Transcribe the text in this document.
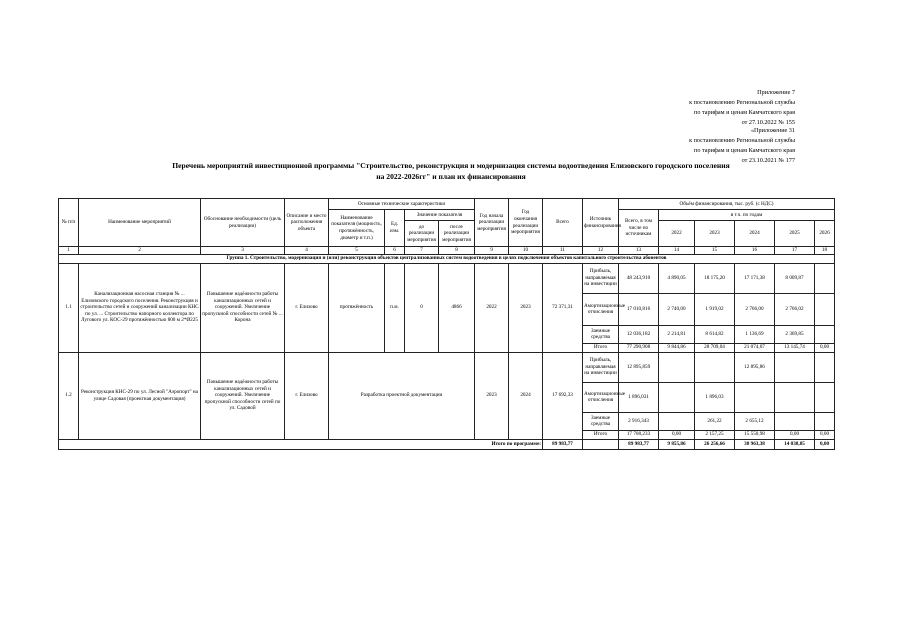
Приложение 7
к постановлению Региональной службы
по тарифам и ценам Камчатского края
от 27.10.2022 № 155
«Приложение 31
к постановлению Региональной службы
по тарифам и ценам Камчатского края
от 23.10.2021 № 177
Перечень мероприятий инвестиционной программы "Строительство, реконструкция и модернизация системы водоотведения Елизовского городского поселения
на 2022-2026гг" и план их финансирования
№ п/п	Наименование мероприятий	Обоснование необходимости (цель реализации)	Описание и место расположения объекта	Основные технические характеристики				Год начала реализации мероприятия	Год окончания реализации мероприятия	Всего	Источник финансирования	Объём финансирования, тыс. руб. (с НДС)					
				Наименование показателя (мощность, протяжённость, диаметр и т.п.)	Ед. изм.	Значение показателя						Всего, в том числе по источникам	в т.ч. по годам				
						до реализации мероприятия	после реализации мероприятия						2022	2023	2024	2025	2026
1	2	3	4	5	6	7	8	9	10	11	12	13	14	15	16	17	18
Группа 1. Строительство, модернизация и (или) реконструкция объектов централизованных систем водоотведения в целях подключения объектов капитального строительства абонентов																	
1.1	Канализационная насосная станция № ... Елизовского городского поселения. Реконструкция и строительство сетей и сооружений канализации КНС по ул. ... Строительство напорного коллектора по Лугового ул. КОС-29 протяжённостью 800 м 2*Ø225	Повышение надёжности работы канализационных сетей и сооружений. Увеличение пропускной способности сетей № ... Корона	г. Елизово	протяжённость	п.м.	0	4866	2022	2023	72 371,31	Прибыль, направляемая на инвестиции	48 243,910	4 890,05	18 175,20	17 171,38	8 009,87	
											Амортизационные отчисления	17 010,816	2 740,00	1 919,02	2 766,00	2 766,02	
											Заемные средства	12 036,182	2 214,81	8 614,82	1 136,69	2 369,85	
											Итого	77 290,908	9 844,86	28 709,04	21 074,07	13 145,74	0,00
1.2	Реконструкция КНС-29 по ул. Лесной "Аэропорт" на улице Садовая (проектная документация)	Повышение надёжности работы канализационных сетей и сооружений. Увеличение пропускной способности сетей по ул. Садовой	г. Елизово	Разработка проектной документации				2023	2024	17 692,33	Прибыль, направляемая на инвестиции	12 895,859			12 895,86		
											Амортизационные отчисления	1 896,031		1 896,03			
											Заемные средства	2 916,343		261,22	2 655,12		
											Итого	17 708,233	0,00	2 157,25	15 550,98	0,00	0,00
Итого по программе:										89 983,77		89 983,77	9 855,86	26 256,66	38 963,38	14 038,85	0,00
